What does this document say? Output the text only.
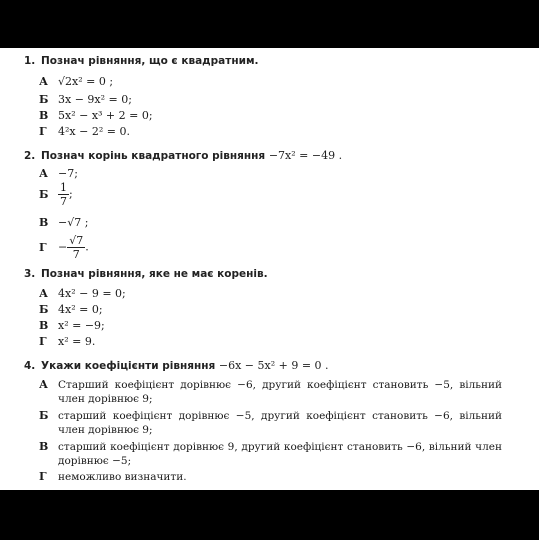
1. Познач рівняння, що є квадратним.
А √2x² = 0 ;
Б 3x − 9x² = 0;
В 5x² − x³ + 2 = 0;
Г 4²x − 2² = 0.
2. Познач корінь квадратного рівняння −7x² = −49 .
А −7;
Б $\frac{1}{7}$ ;
В −√7 ;
$Г - \frac{√7}{7}$ .
3. Познач рівняння, яке не має коренів.
А 4x² − 9 = 0;
Б 4x² = 0;
В x² = −9;
Г x² = 9.
4. Укажи коефіцієнти рівняння −6x − 5x² + 9 = 0 .
А Старший коефіцієнт дорівнює −6, другий коефіцієнт становить −5, вільний член дорівнює 9;
Б старший коефіцієнт дорівнює −5, другий коефіцієнт становить −6, вільний член дорівнює 9;
В старший коефіцієнт дорівнює 9, другий коефіцієнт становить −6, вільний член дорівнює −5;
Г неможливо визначити.
